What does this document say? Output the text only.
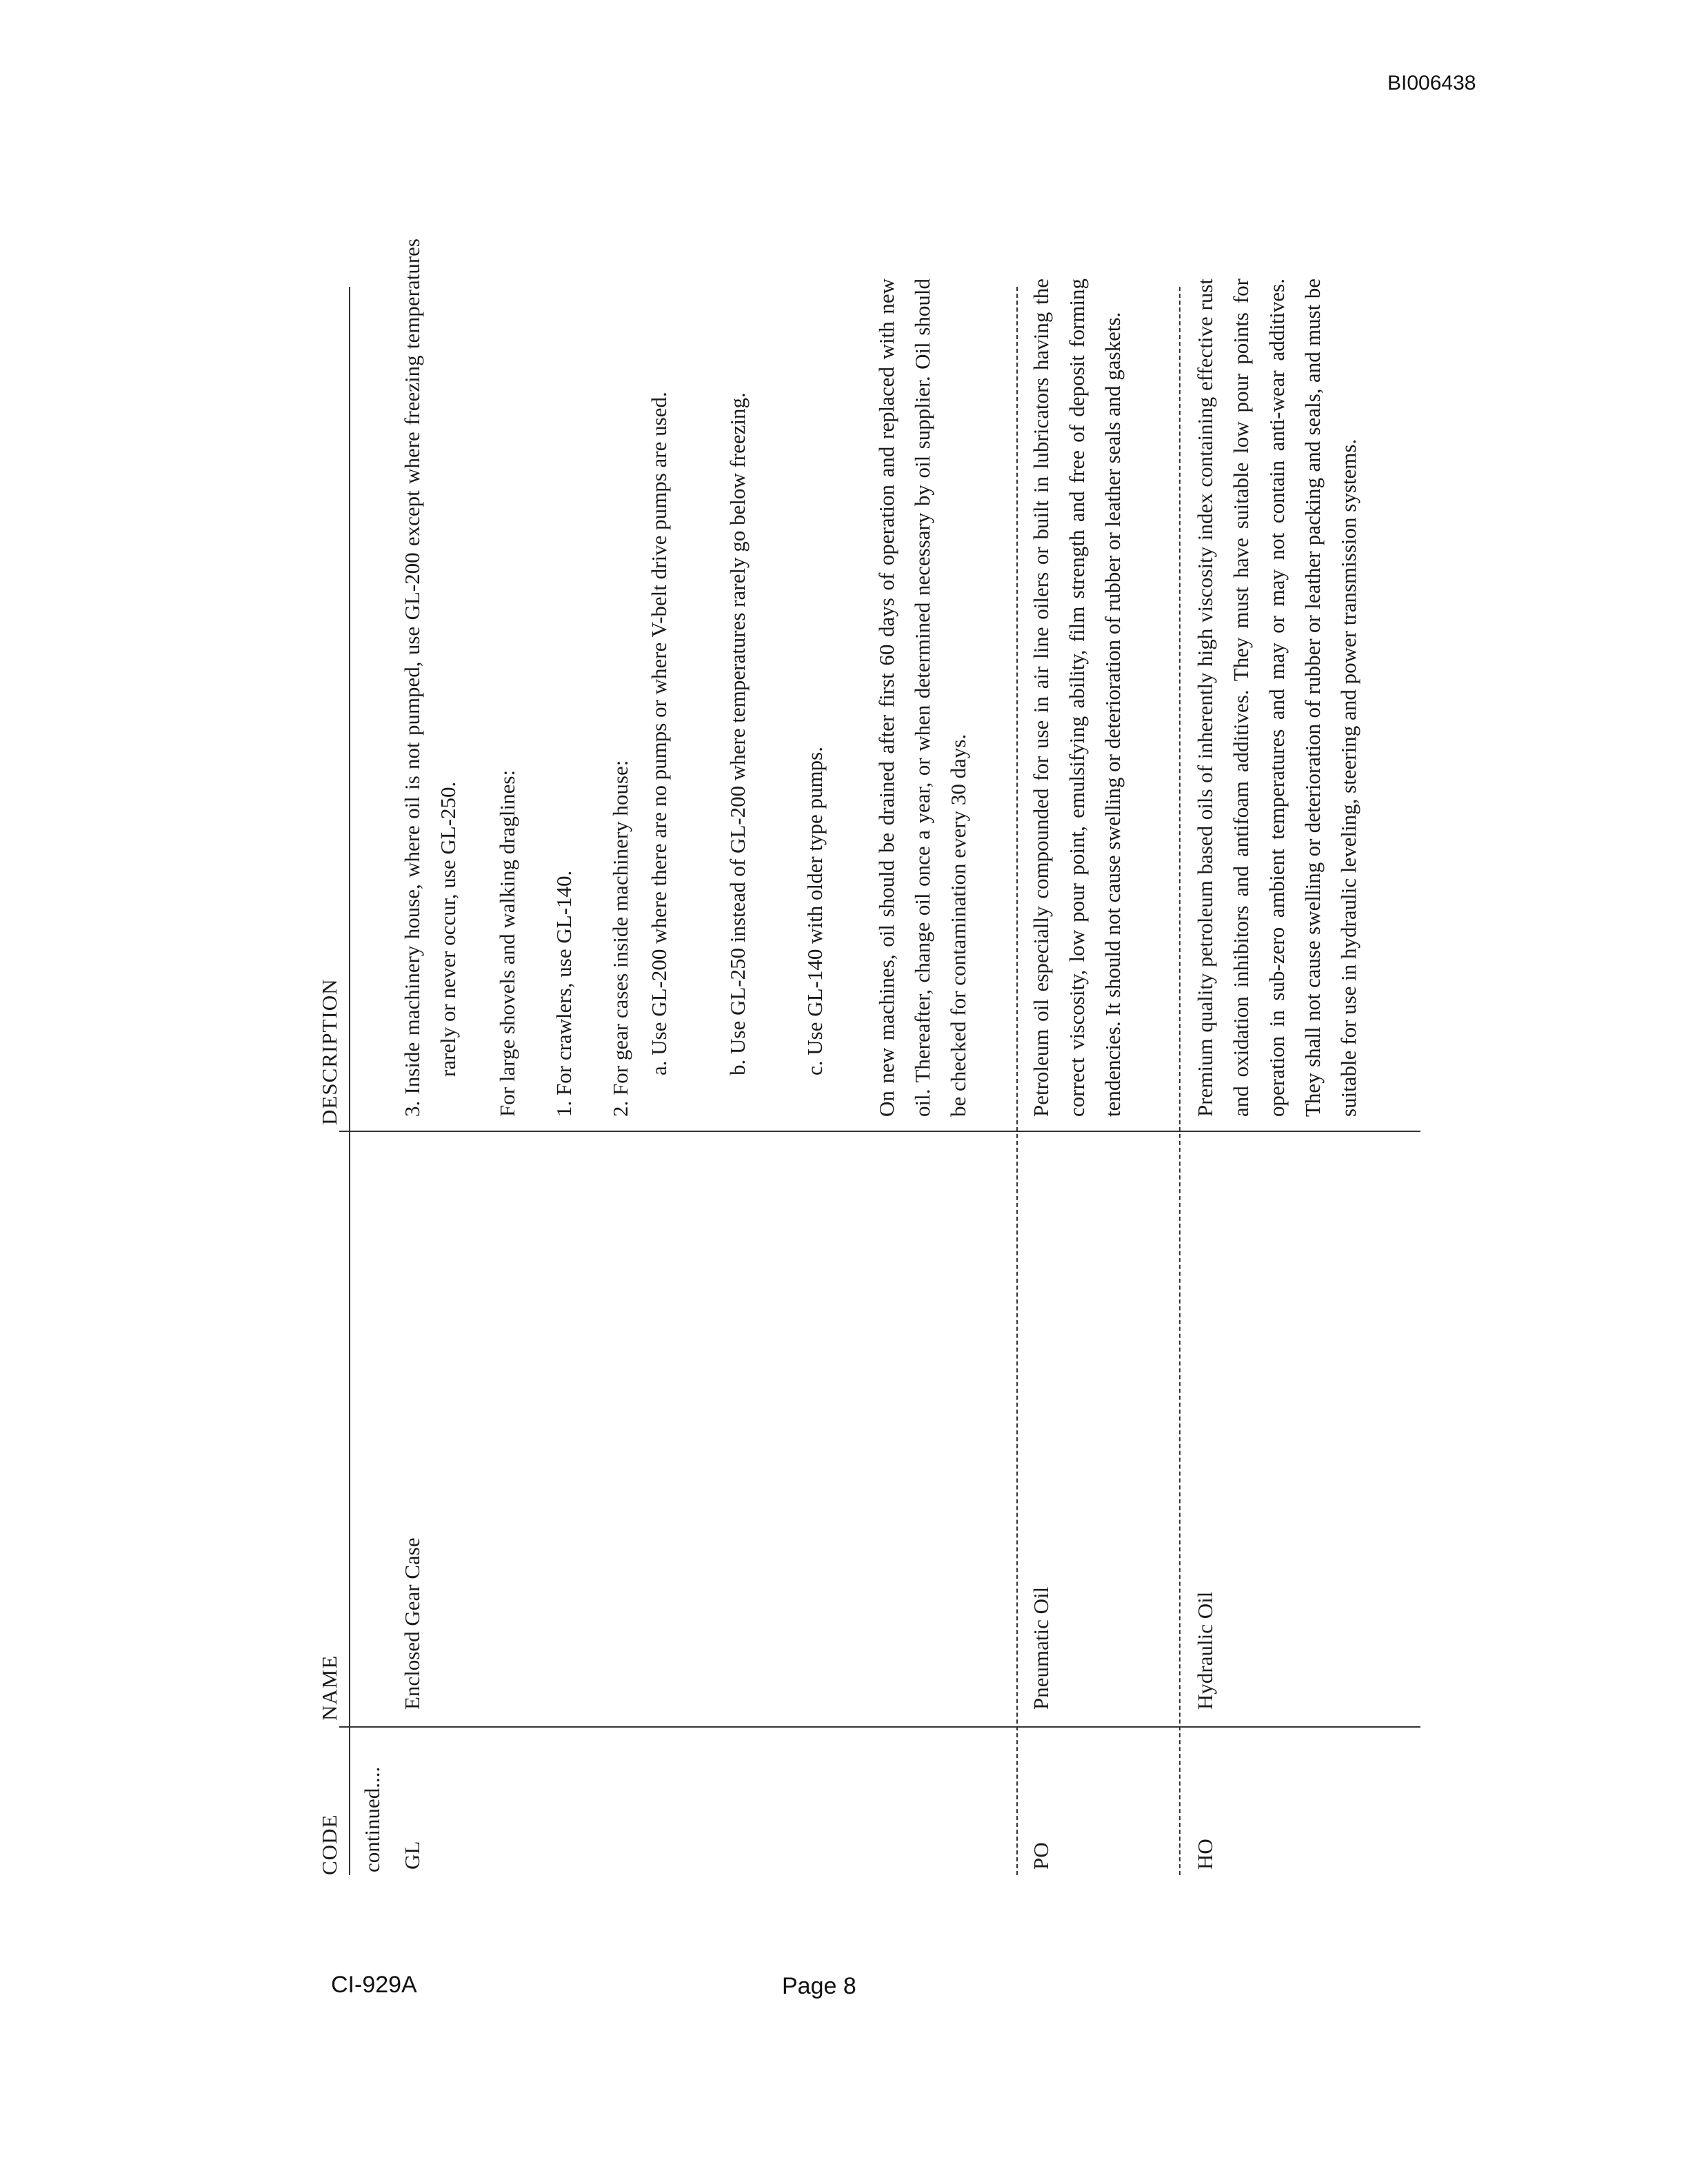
BI006438
CODE
NAME
DESCRIPTION
continued.... GL
Enclosed Gear Case
3. Inside machinery house, where oil is not pumped, use GL-200 except where freezing temperatures rarely or never occur, use GL-250. For large shovels and walking draglines: 1. For crawlers, use GL-140. 2. For gear cases inside machinery house: a. Use GL-200 where there are no pumps or where V-belt drive pumps are used.	b. Use GL-250 instead of GL-200 where temperatures rarely go below freezing. c. Use GL-140 with older type pumps. On new machines, oil should be drained after first 60 days of operation and replaced with new oil. Thereafter, change oil once a year, or when determined necessary by oil supplier. Oil should be checked for contamination every 30 days.
PO
Pneumatic Oil
Petroleum oil especially compounded for use in air line oilers or built in lubricators having the correct viscosity, low pour point, emulsifying ability, film strength and free of deposit forming tendencies. It should not cause swelling or deterioration of rubber or leather seals and gaskets.
HO
Hydraulic Oil
Premium quality petroleum based oils of inherently high viscosity index containing effective rust and oxidation inhibitors and antifoam additives. They must have suitable low pour points for operation in sub-zero ambient temperatures and may or may not contain anti-wear additives. They shall not cause swelling or deterioration of rubber or leather packing and seals, and must be suitable for use in hydraulic leveling, steering and power transmission systems.
CI-929A	Page 8
